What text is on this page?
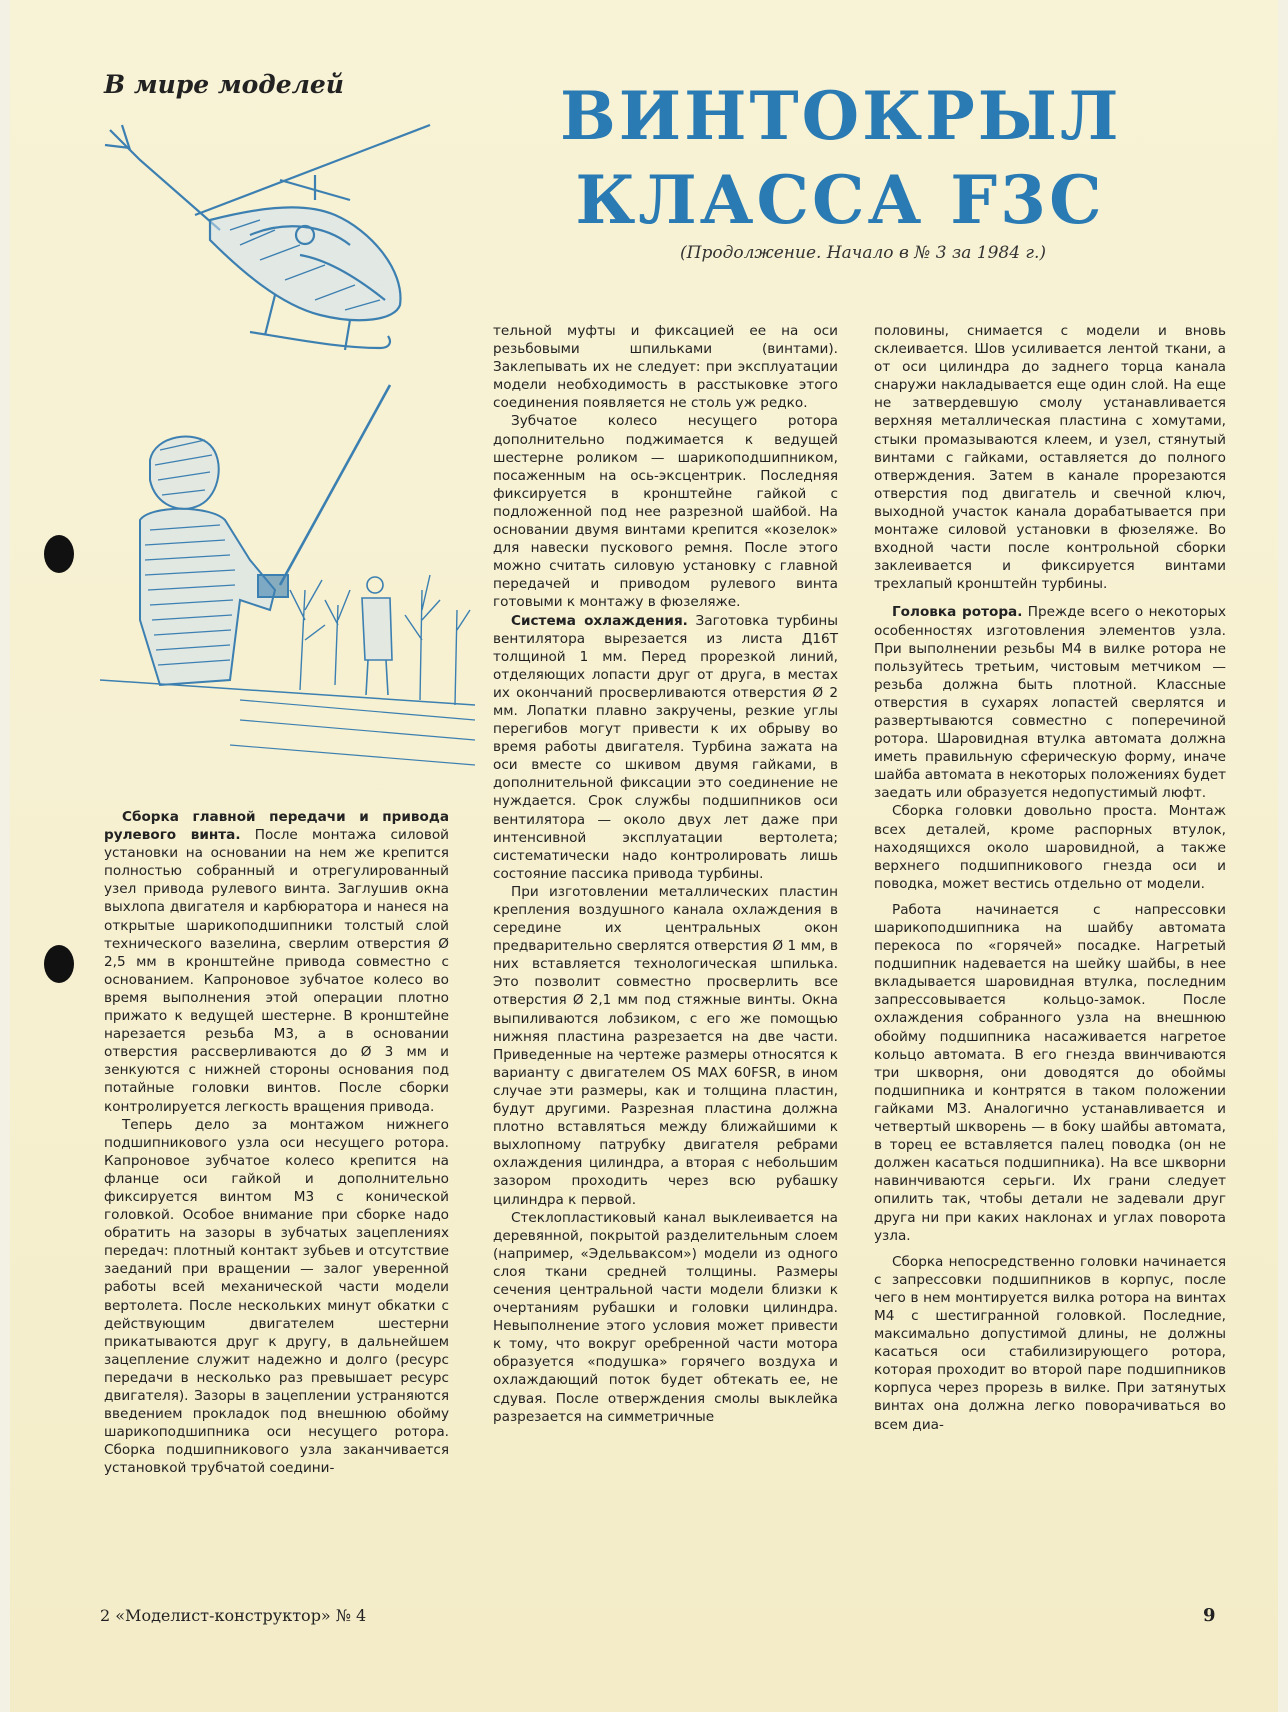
В мире моделей	ВИНТОКРЫЛ
КЛАССА F3C
(Продолжение. Начало в № 3 за 1984 г.)

Сборка главной передачи и привода рулевого винта. После монтажа силовой установки на основании на нем же крепится полностью собранный и отрегулированный узел привода рулевого винта. Заглушив окна выхлопа двигателя и карбюратора и нанеся на открытые шарикоподшипники толстый слой технического вазелина, сверлим отверстия Ø 2,5 мм в кронштейне привода совместно с основанием. Капроновое зубчатое колесо во время выполнения этой операции плотно прижато к ведущей шестерне. В кронштейне нарезается резьба М3, а в основании отверстия рассверливаются до Ø 3 мм и зенкуются с нижней стороны основания под потайные головки винтов. После сборки контролируется легкость вращения привода.

Теперь дело за монтажом нижнего подшипникового узла оси несущего ротора. Капроновое зубчатое колесо крепится на фланце оси гайкой и дополнительно фиксируется винтом М3 с конической головкой. Особое внимание при сборке надо обратить на зазоры в зубчатых зацеплениях передач: плотный контакт зубьев и отсутствие заеданий при вращении — залог уверенной работы всей механической части модели вертолета. После нескольких минут обкатки с действующим двигателем шестерни прикатываются друг к другу, в дальнейшем зацепление служит надежно и долго (ресурс передачи в несколько раз превышает ресурс двигателя). Зазоры в зацеплении устраняются введением прокладок под внешнюю обойму шарикоподшипника оси несущего ротора. Сборка подшипникового узла заканчивается установкой трубчатой соедини-

тельной муфты и фиксацией ее на оси резьбовыми шпильками (винтами). Заклепывать их не следует: при эксплуатации модели необходимость в расстыковке этого соединения появляется не столь уж редко.

Зубчатое колесо несущего ротора дополнительно поджимается к ведущей шестерне роликом — шарикоподшипником, посаженным на ось-эксцентрик. Последняя фиксируется в кронштейне гайкой с подложенной под нее разрезной шайбой. На основании двумя винтами крепится «козелок» для навески пускового ремня. После этого можно считать силовую установку с главной передачей и приводом рулевого винта готовыми к монтажу в фюзеляже.

Система охлаждения. Заготовка турбины вентилятора вырезается из листа Д16Т толщиной 1 мм. Перед прорезкой линий, отделяющих лопасти друг от друга, в местах их окончаний просверливаются отверстия Ø 2 мм. Лопатки плавно закручены, резкие углы перегибов могут привести к их обрыву во время работы двигателя. Турбина зажата на оси вместе со шкивом двумя гайками, в дополнительной фиксации это соединение не нуждается. Срок службы подшипников оси вентилятора — около двух лет даже при интенсивной эксплуатации вертолета; систематически надо контролировать лишь состояние пассика привода турбины.

При изготовлении металлических пластин крепления воздушного канала охлаждения в середине их центральных окон предварительно сверлятся отверстия Ø 1 мм, в них вставляется технологическая шпилька. Это позволит совместно просверлить все отверстия Ø 2,1 мм под стяжные винты. Окна выпиливаются лобзиком, с его же помощью нижняя пластина разрезается на две части. Приведенные на чертеже размеры относятся к варианту с двигателем OS MAX 60FSR, в ином случае эти размеры, как и толщина пластин, будут другими. Разрезная пластина должна плотно вставляться между ближайшими к выхлопному патрубку двигателя ребрами охлаждения цилиндра, а вторая с небольшим зазором проходить через всю рубашку цилиндра к первой.

Стеклопластиковый канал выклеивается на деревянной, покрытой разделительным слоем (например, «Эдельваксом») модели из одного слоя ткани средней толщины. Размеры сечения центральной части модели близки к очертаниям рубашки и головки цилиндра. Невыполнение этого условия может привести к тому, что вокруг оребренной части мотора образуется «подушка» горячего воздуха и охлаждающий поток будет обтекать ее, не сдувая. После отверждения смолы выклейка разрезается на симметричные

половины, снимается с модели и вновь склеивается. Шов усиливается лентой ткани, а от оси цилиндра до заднего торца канала снаружи накладывается еще один слой. На еще не затвердевшую смолу устанавливается верхняя металлическая пластина с хомутами, стыки промазываются клеем, и узел, стянутый винтами с гайками, оставляется до полного отверждения. Затем в канале прорезаются отверстия под двигатель и свечной ключ, выходной участок канала дорабатывается при монтаже силовой установки в фюзеляже. Во входной части после контрольной сборки заклеивается и фиксируется винтами трехлапый кронштейн турбины.

Головка ротора. Прежде всего о некоторых особенностях изготовления элементов узла. При выполнении резьбы М4 в вилке ротора не пользуйтесь третьим, чистовым метчиком — резьба должна быть плотной. Классные отверстия в сухарях лопастей сверлятся и развертываются совместно с поперечиной ротора. Шаровидная втулка автомата должна иметь правильную сферическую форму, иначе шайба автомата в некоторых положениях будет заедать или образуется недопустимый люфт.

Сборка головки довольно проста. Монтаж всех деталей, кроме распорных втулок, находящихся около шаровидной, а также верхнего подшипникового гнезда оси и поводка, может вестись отдельно от модели.

Работа начинается с напрессовки шарикоподшипника на шайбу автомата перекоса по «горячей» посадке. Нагретый подшипник надевается на шейку шайбы, в нее вкладывается шаровидная втулка, последним запрессовывается кольцо-замок. После охлаждения собранного узла на внешнюю обойму подшипника насаживается нагретое кольцо автомата. В его гнезда ввинчиваются три шкворня, они доводятся до обоймы подшипника и контрятся в таком положении гайками М3. Аналогично устанавливается и четвертый шкворень — в боку шайбы автомата, в торец ее вставляется палец поводка (он не должен касаться подшипника). На все шкворни навинчиваются серьги. Их грани следует опилить так, чтобы детали не задевали друг друга ни при каких наклонах и углах поворота узла.

Сборка непосредственно головки начинается с запрессовки подшипников в корпус, после чего в нем монтируется вилка ротора на винтах М4 с шестигранной головкой. Последние, максимально допустимой длины, не должны касаться оси стабилизирующего ротора, которая проходит во второй паре подшипников корпуса через прорезь в вилке. При затянутых винтах она должна легко поворачиваться во всем диа-

2 «Моделист-конструктор» № 4	9
